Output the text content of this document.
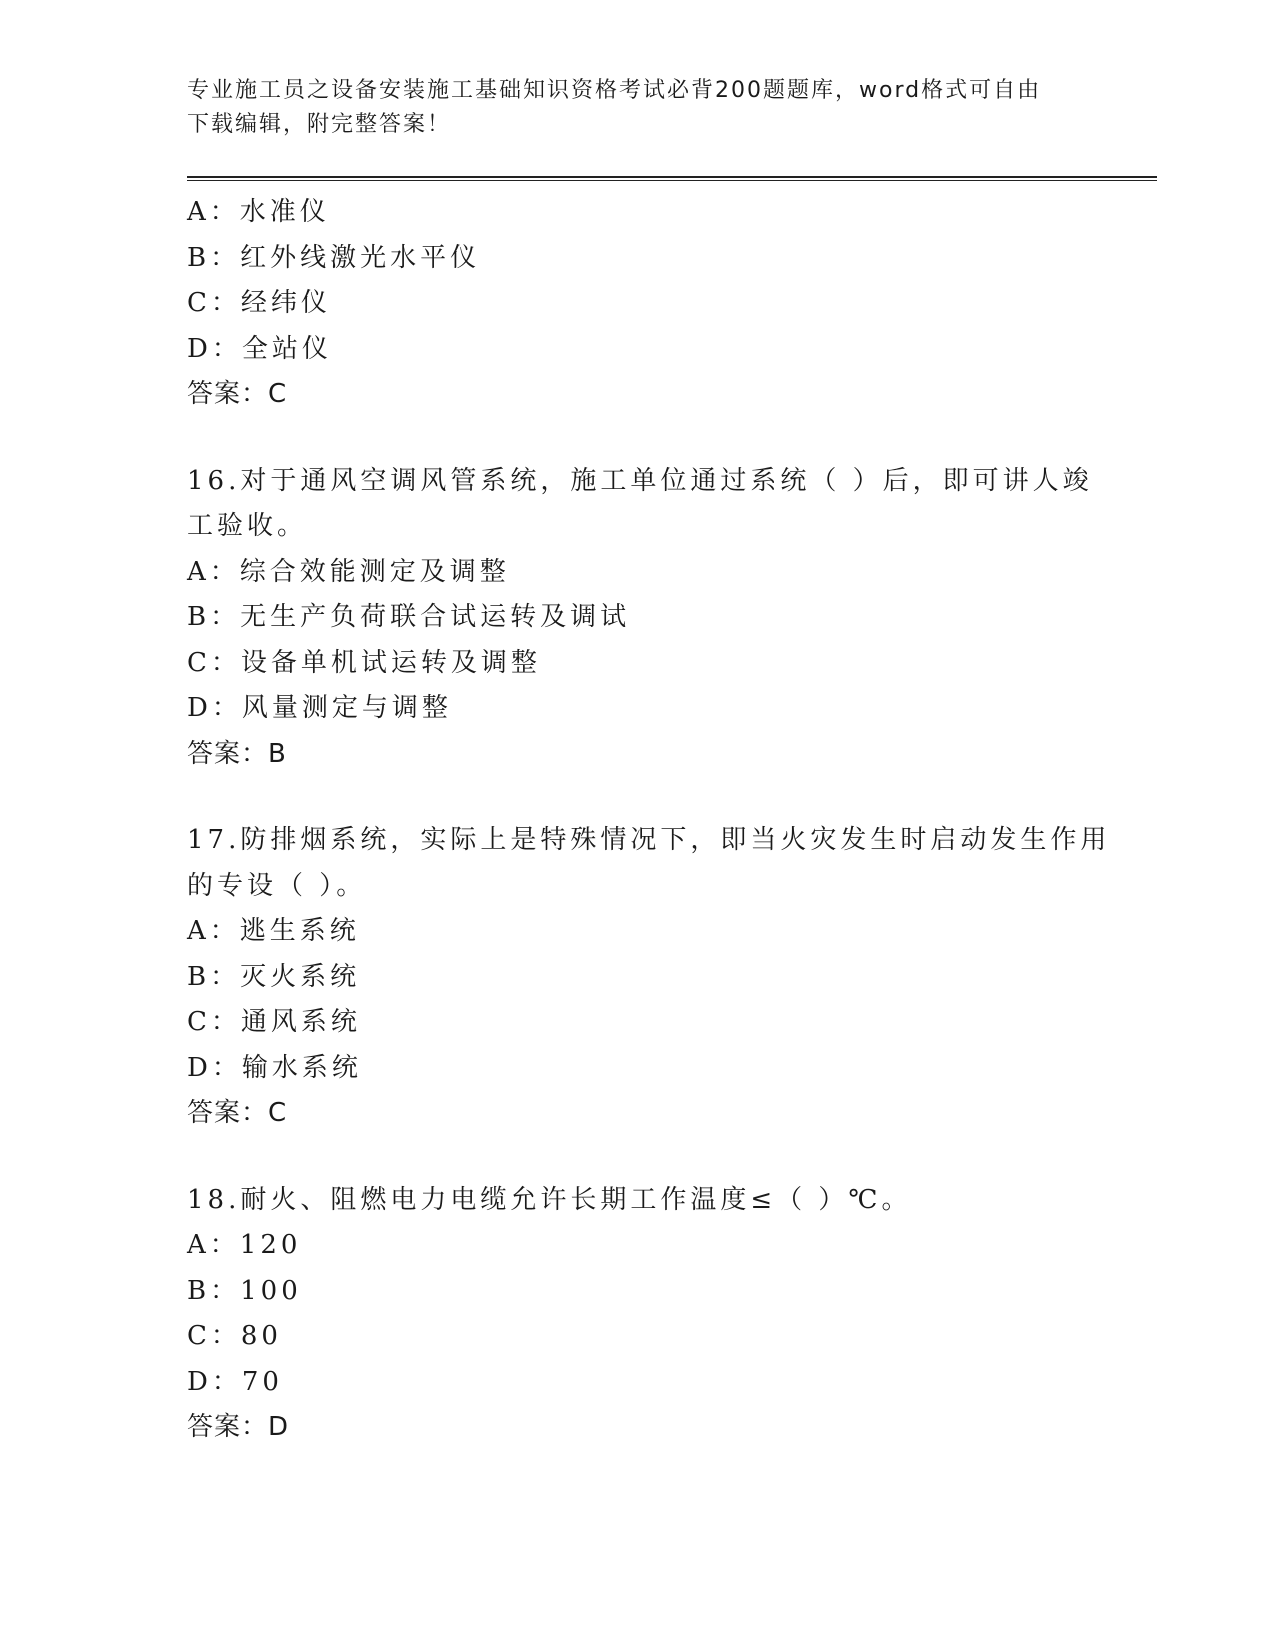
专业施工员之设备安装施工基础知识资格考试必背200题题库，word格式可自由
下载编辑，附完整答案！
A：水准仪
B：红外线激光水平仪
C：经纬仪
D：全站仪
答案：C
16.对于通风空调风管系统，施工单位通过系统（ ）后，即可讲人竣
工验收。
A：综合效能测定及调整
B：无生产负荷联合试运转及调试
C：设备单机试运转及调整
D：风量测定与调整
答案：B
17.防排烟系统，实际上是特殊情况下，即当火灾发生时启动发生作用
的专设（ ）。
A：逃生系统
B：灭火系统
C：通风系统
D：输水系统
答案：C
18.耐火、阻燃电力电缆允许长期工作温度≤（ ）℃。
A：120
B：100
C：80
D：70
答案：D
